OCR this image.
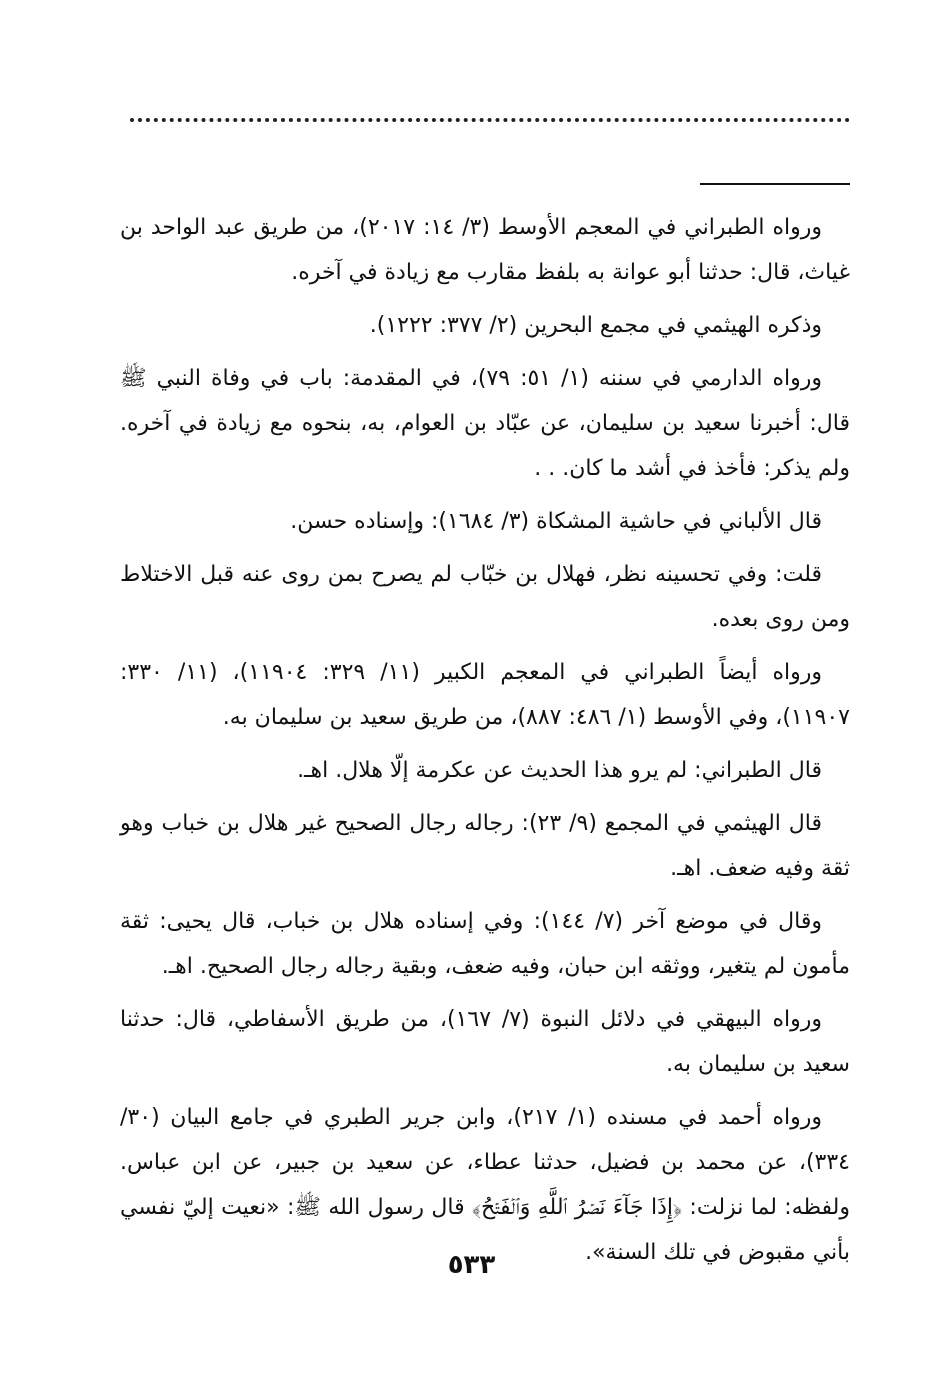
ورواه الطبراني في المعجم الأوسط (٣/ ١٤: ٢٠١٧)، من طريق عبد الواحد بن غياث، قال: حدثنا أبو عوانة به بلفظ مقارب مع زيادة في آخره.

وذكره الهيثمي في مجمع البحرين (٢/ ٣٧٧: ١٢٢٢).

ورواه الدارمي في سننه (١/ ٥١: ٧٩)، في المقدمة: باب في وفاة النبي ﷺ قال: أخبرنا سعيد بن سليمان، عن عبّاد بن العوام، به، بنحوه مع زيادة في آخره. ولم يذكر: فأخذ في أشد ما كان. . .

قال الألباني في حاشية المشكاة (٣/ ١٦٨٤): وإسناده حسن.

قلت: وفي تحسينه نظر، فهلال بن خبّاب لم يصرح بمن روى عنه قبل الاختلاط ومن روى بعده.

ورواه أيضاً الطبراني في المعجم الكبير (١١/ ٣٢٩: ١١٩٠٤)، (١١/ ٣٣٠: ١١٩٠٧)، وفي الأوسط (١/ ٤٨٦: ٨٨٧)، من طريق سعيد بن سليمان به.

قال الطبراني: لم يرو هذا الحديث عن عكرمة إلّا هلال. اهـ.

قال الهيثمي في المجمع (٩/ ٢٣): رجاله رجال الصحيح غير هلال بن خباب وهو ثقة وفيه ضعف. اهـ.

وقال في موضع آخر (٧/ ١٤٤): وفي إسناده هلال بن خباب، قال يحيى: ثقة مأمون لم يتغير، ووثقه ابن حبان، وفيه ضعف، وبقية رجاله رجال الصحيح. اهـ.

ورواه البيهقي في دلائل النبوة (٧/ ١٦٧)، من طريق الأسفاطي، قال: حدثنا سعيد بن سليمان به.

ورواه أحمد في مسنده (١/ ٢١٧)، وابن جرير الطبري في جامع البيان (٣٠/ ٣٣٤)، عن محمد بن فضيل، حدثنا عطاء، عن سعيد بن جبير، عن ابن عباس. ولفظه: لما نزلت: ﴿إِذَا جَآءَ نَصۡرُ ٱللَّهِ وَٱلۡفَتۡحُ﴾ قال رسول الله ﷺ: «نعيت إليّ نفسي بأني مقبوض في تلك السنة».

٥٣٣
